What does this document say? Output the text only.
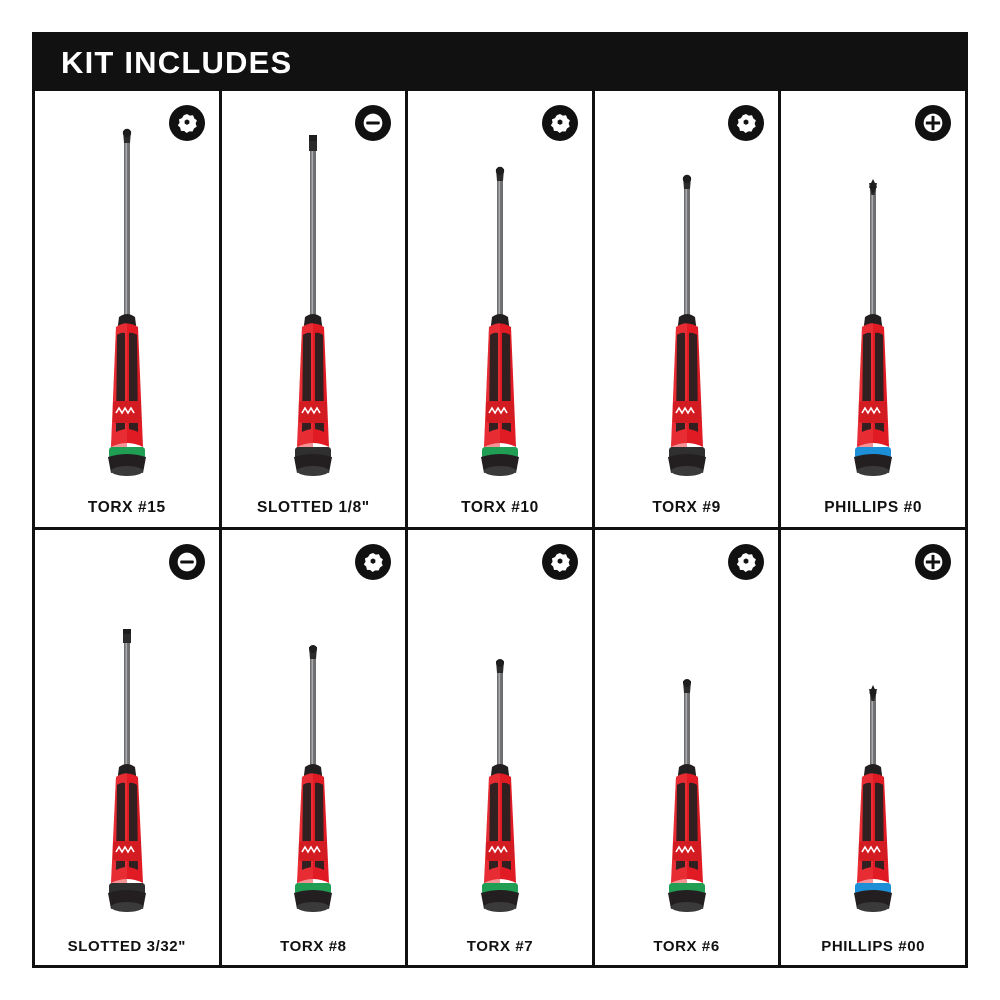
KIT INCLUDES
TORX #15	SLOTTED 1/8"	TORX #10	TORX #9	PHILLIPS #0
SLOTTED 3/32"	TORX #8	TORX #7	TORX #6	PHILLIPS #00
